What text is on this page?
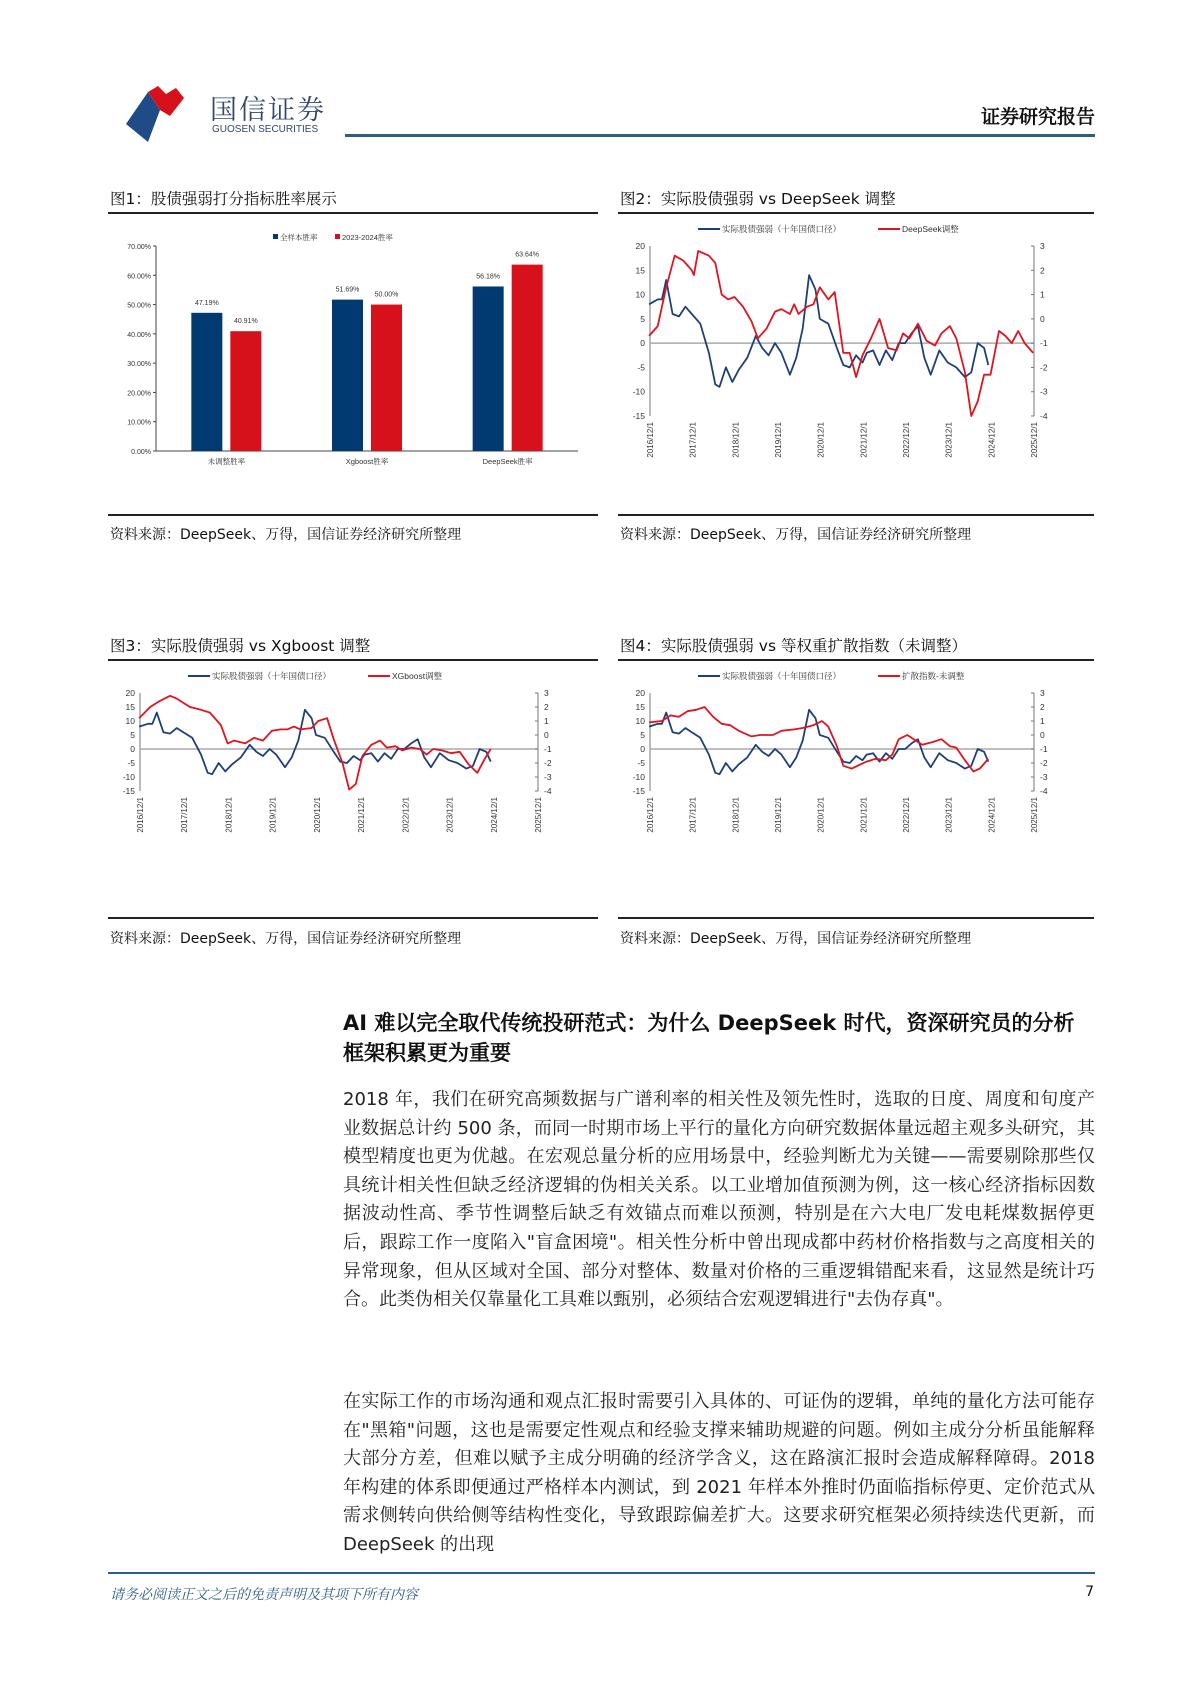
国信证券
GUOSEN SECURITIES
证券研究报告
图1：股债强弱打分指标胜率展示
全样本胜率	2023-2024胜率
0.00%
10.00%
20.00%
30.00%
40.00%
50.00%
60.00%
70.00%
47.19%
40.91%
未调整胜率
51.69%
50.00%
Xgboost胜率
56.18%
63.64%
DeepSeek胜率
资料来源：DeepSeek、万得，国信证券经济研究所整理
图2：实际股债强弱 vs DeepSeek 调整
实际股债强弱（十年国债口径）	DeepSeek调整
20	3
15	2
10	1
5	0
0	-1
-5	-2
-10	-3
-15	-4
2016/12/1	2017/12/1	2018/12/1	2019/12/1	2020/12/1	2021/12/1	2022/12/1	2023/12/1	2024/12/1	2025/12/1
资料来源：DeepSeek、万得，国信证券经济研究所整理
图3：实际股债强弱 vs Xgboost 调整
实际股债强弱（十年国债口径）	XGboost调整
20	3
15	2
10	1
5	0
0	-1
-5	-2
-10	-3
-15	-4
2016/12/1	2017/12/1	2018/12/1	2019/12/1	2020/12/1	2021/12/1	2022/12/1	2023/12/1	2024/12/1	2025/12/1
资料来源：DeepSeek、万得，国信证券经济研究所整理
图4：实际股债强弱 vs 等权重扩散指数（未调整）
实际股债强弱（十年国债口径）	扩散指数-未调整
20	3
15	2
10	1
5	0
0	-1
-5	-2
-10	-3
-15	-4
2016/12/1	2017/12/1	2018/12/1	2019/12/1	2020/12/1	2021/12/1	2022/12/1	2023/12/1	2024/12/1	2025/12/1
资料来源：DeepSeek、万得，国信证券经济研究所整理
AI 难以完全取代传统投研范式：为什么 DeepSeek 时代，资深研究员的分析框架积累更为重要

2018 年，我们在研究高频数据与广谱利率的相关性及领先性时，选取的日度、周度和旬度产业数据总计约 500 条，而同一时期市场上平行的量化方向研究数据体量远超主观多头研究，其模型精度也更为优越。在宏观总量分析的应用场景中，经验判断尤为关键——需要剔除那些仅具统计相关性但缺乏经济逻辑的伪相关关系。以工业增加值预测为例，这一核心经济指标因数据波动性高、季节性调整后缺乏有效锚点而难以预测，特别是在六大电厂发电耗煤数据停更后，跟踪工作一度陷入"盲盒困境"。相关性分析中曾出现成都中药材价格指数与之高度相关的异常现象，但从区域对全国、部分对整体、数量对价格的三重逻辑错配来看，这显然是统计巧合。此类伪相关仅靠量化工具难以甄别，必须结合宏观逻辑进行"去伪存真"。

在实际工作的市场沟通和观点汇报时需要引入具体的、可证伪的逻辑，单纯的量化方法可能存在"黑箱"问题，这也是需要定性观点和经验支撑来辅助规避的问题。例如主成分分析虽能解释大部分方差，但难以赋予主成分明确的经济学含义，这在路演汇报时会造成解释障碍。2018 年构建的体系即便通过严格样本内测试，到 2021 年样本外推时仍面临指标停更、定价范式从需求侧转向供给侧等结构性变化，导致跟踪偏差扩大。这要求研究框架必须持续迭代更新，而 DeepSeek 的出现

请务必阅读正文之后的免责声明及其项下所有内容	7
